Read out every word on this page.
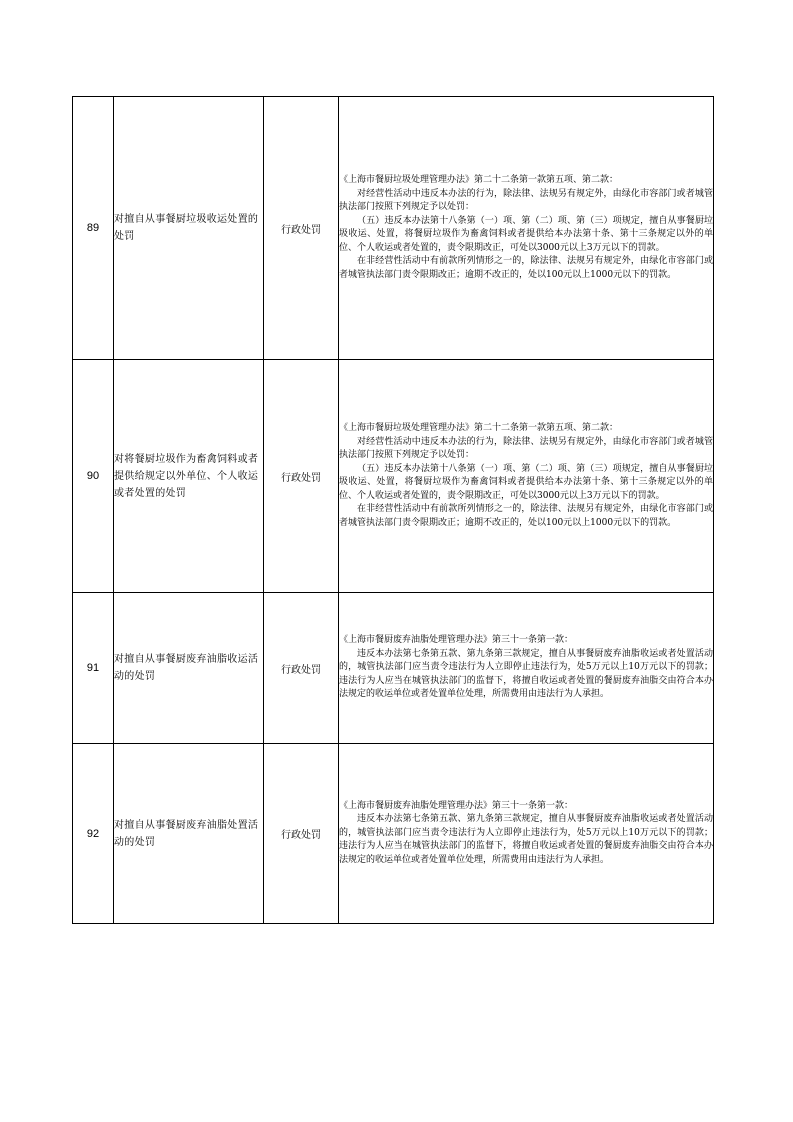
89	对擅自从事餐厨垃圾收运处置的处罚	行政处罚	《上海市餐厨垃圾处理管理办法》第二十二条第一款第五项、第二款：

对经营性活动中违反本办法的行为，除法律、法规另有规定外，由绿化市容部门或者城管执法部门按照下列规定予以处罚：

（五）违反本办法第十八条第（一）项、第（二）项、第（三）项规定，擅自从事餐厨垃圾收运、处置，将餐厨垃圾作为畜禽饲料或者提供给本办法第十条、第十三条规定以外的单位、个人收运或者处置的，责令限期改正，可处以3000元以上3万元以下的罚款。

在非经营性活动中有前款所列情形之一的，除法律、法规另有规定外，由绿化市容部门或者城管执法部门责令限期改正；逾期不改正的，处以100元以上1000元以下的罚款。

90	对将餐厨垃圾作为畜禽饲料或者提供给规定以外单位、个人收运或者处置的处罚	行政处罚	《上海市餐厨垃圾处理管理办法》第二十二条第一款第五项、第二款：

对经营性活动中违反本办法的行为，除法律、法规另有规定外，由绿化市容部门或者城管执法部门按照下列规定予以处罚：

（五）违反本办法第十八条第（一）项、第（二）项、第（三）项规定，擅自从事餐厨垃圾收运、处置，将餐厨垃圾作为畜禽饲料或者提供给本办法第十条、第十三条规定以外的单位、个人收运或者处置的，责令限期改正，可处以3000元以上3万元以下的罚款。

在非经营性活动中有前款所列情形之一的，除法律、法规另有规定外，由绿化市容部门或者城管执法部门责令限期改正；逾期不改正的，处以100元以上1000元以下的罚款。

91	对擅自从事餐厨废弃油脂收运活动的处罚	行政处罚	《上海市餐厨废弃油脂处理管理办法》第三十一条第一款：

违反本办法第七条第五款、第九条第三款规定，擅自从事餐厨废弃油脂收运或者处置活动的，城管执法部门应当责令违法行为人立即停止违法行为，处5万元以上10万元以下的罚款；违法行为人应当在城管执法部门的监督下，将擅自收运或者处置的餐厨废弃油脂交由符合本办法规定的收运单位或者处置单位处理，所需费用由违法行为人承担。

92	对擅自从事餐厨废弃油脂处置活动的处罚	行政处罚	《上海市餐厨废弃油脂处理管理办法》第三十一条第一款：

违反本办法第七条第五款、第九条第三款规定，擅自从事餐厨废弃油脂收运或者处置活动的，城管执法部门应当责令违法行为人立即停止违法行为，处5万元以上10万元以下的罚款；违法行为人应当在城管执法部门的监督下，将擅自收运或者处置的餐厨废弃油脂交由符合本办法规定的收运单位或者处置单位处理，所需费用由违法行为人承担。
